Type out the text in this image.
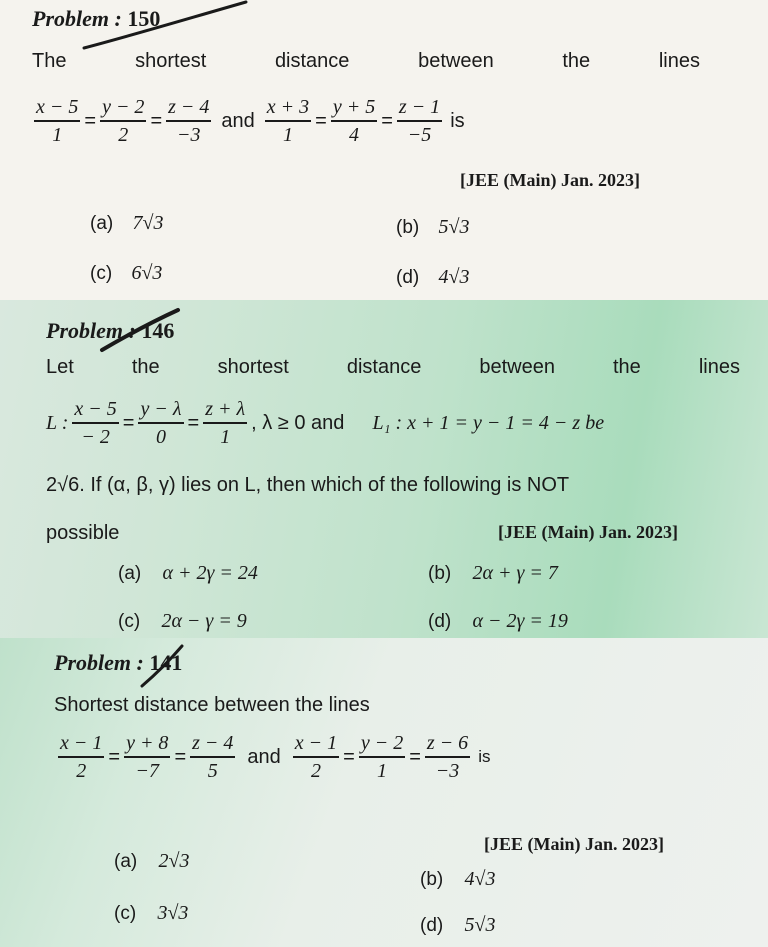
Problem : 150
The	shortest	distance	between	the	lines
$\frac{x - 5}{1} = \frac{y - 2}{2} = \frac{z - 4}{-3}$ and $\frac{x + 3}{1} = \frac{y + 5}{4} = \frac{z - 1}{-5}$ is
[JEE (Main) Jan. 2023]
(a) 7√3	(b) 5√3
(c) 6√3	(d) 4√3
Problem : 146
Let	the	shortest	distance	between	the	lines
L : $\frac{x - 5}{- 2} = \frac{y - \lambda}{0} = \frac{z + \lambda}{1}$ , λ ≥ 0 and L₁ : x + 1 = y − 1 = 4 − z be
2√6. If (α, β, γ) lies on L, then which of the following is NOT
possible	[JEE (Main) Jan. 2023]
(a) α + 2γ = 24	(b) 2α + γ = 7
(c) 2α − γ = 9	(d) α − 2γ = 19
Problem : 141
Shortest distance between the lines
$\frac{x - 1}{2} = \frac{y + 8}{-7} = \frac{z - 4}{5}$ and $\frac{x - 1}{2} = \frac{y - 2}{1} = \frac{z - 6}{-3}$ is
[JEE (Main) Jan. 2023]
(a) 2√3
(b) 4√3
(c) 3√3
(d) 5√3
